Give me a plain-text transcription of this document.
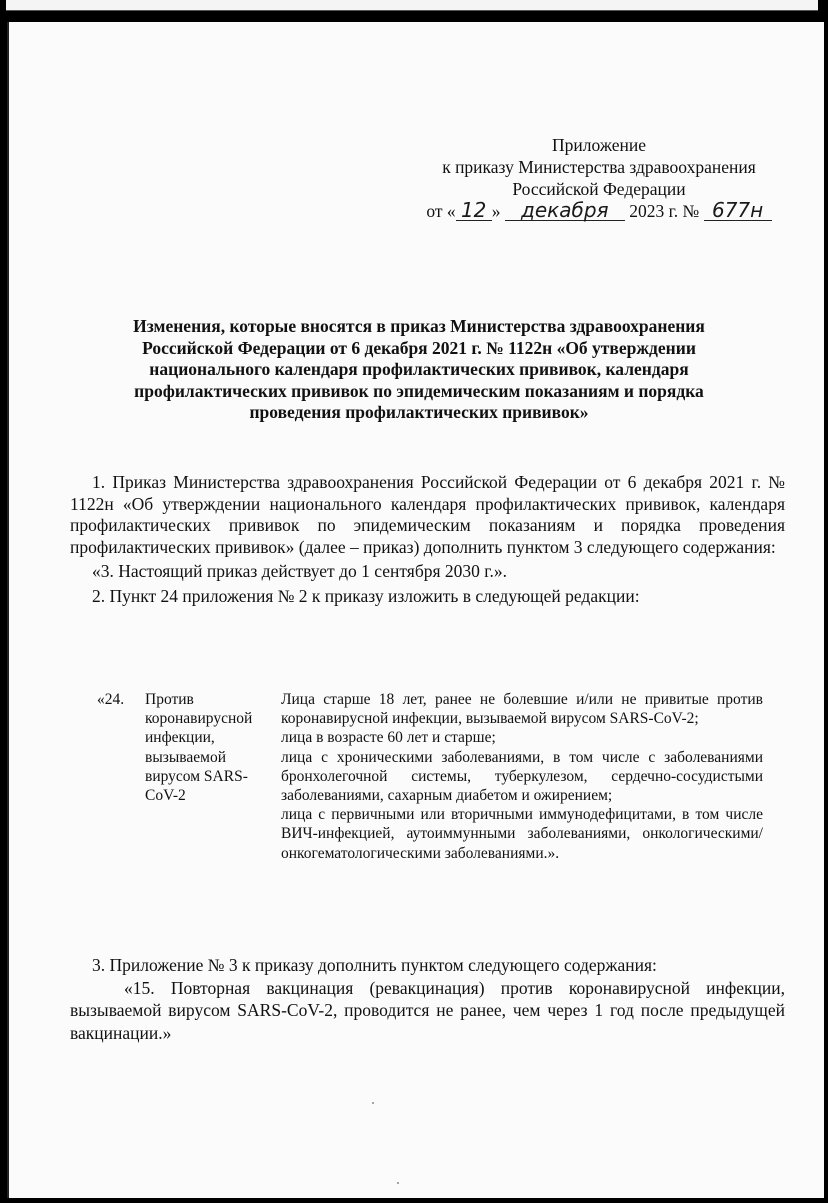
Приложение
к приказу Министерства здравоохранения
Российской Федерации
от « 12 » декабря 2023 г. № 677н
Изменения, которые вносятся в приказ Министерства здравоохранения
Российской Федерации от 6 декабря 2021 г. № 1122н «Об утверждении
национального календаря профилактических прививок, календаря
профилактических прививок по эпидемическим показаниям и порядка
проведения профилактических прививок»

1. Приказ Министерства здравоохранения Российской Федерации от 6 декабря 2021 г. № 1122н «Об утверждении национального календаря профилактических прививок, календаря профилактических прививок по эпидемическим показаниям и порядка проведения профилактических прививок» (далее – приказ) дополнить пунктом 3 следующего содержания:

«3. Настоящий приказ действует до 1 сентября 2030 г.».

2. Пункт 24 приложения № 2 к приказу изложить в следующей редакции:

«24.	Против коронавирусной инфекции, вызываемой вирусом SARS-CoV-2

Лица старше 18 лет, ранее не болевшие и/или не привитые против коронавирусной инфекции, вызываемой вирусом SARS-CoV-2;

лица в возрасте 60 лет и старше;

лица с хроническими заболеваниями, в том числе с заболеваниями бронхолегочной системы, туберкулезом, сердечно-сосудистыми заболеваниями, сахарным диабетом и ожирением;

лица с первичными или вторичными иммунодефицитами, в том числе ВИЧ-инфекцией, аутоиммунными заболеваниями, онкологическими/онкогематологическими заболеваниями.».

3. Приложение № 3 к приказу дополнить пунктом следующего содержания:

«15. Повторная вакцинация (ревакцинация) против коронавирусной инфекции, вызываемой вирусом SARS-CoV-2, проводится не ранее, чем через 1 год после предыдущей вакцинации.»
